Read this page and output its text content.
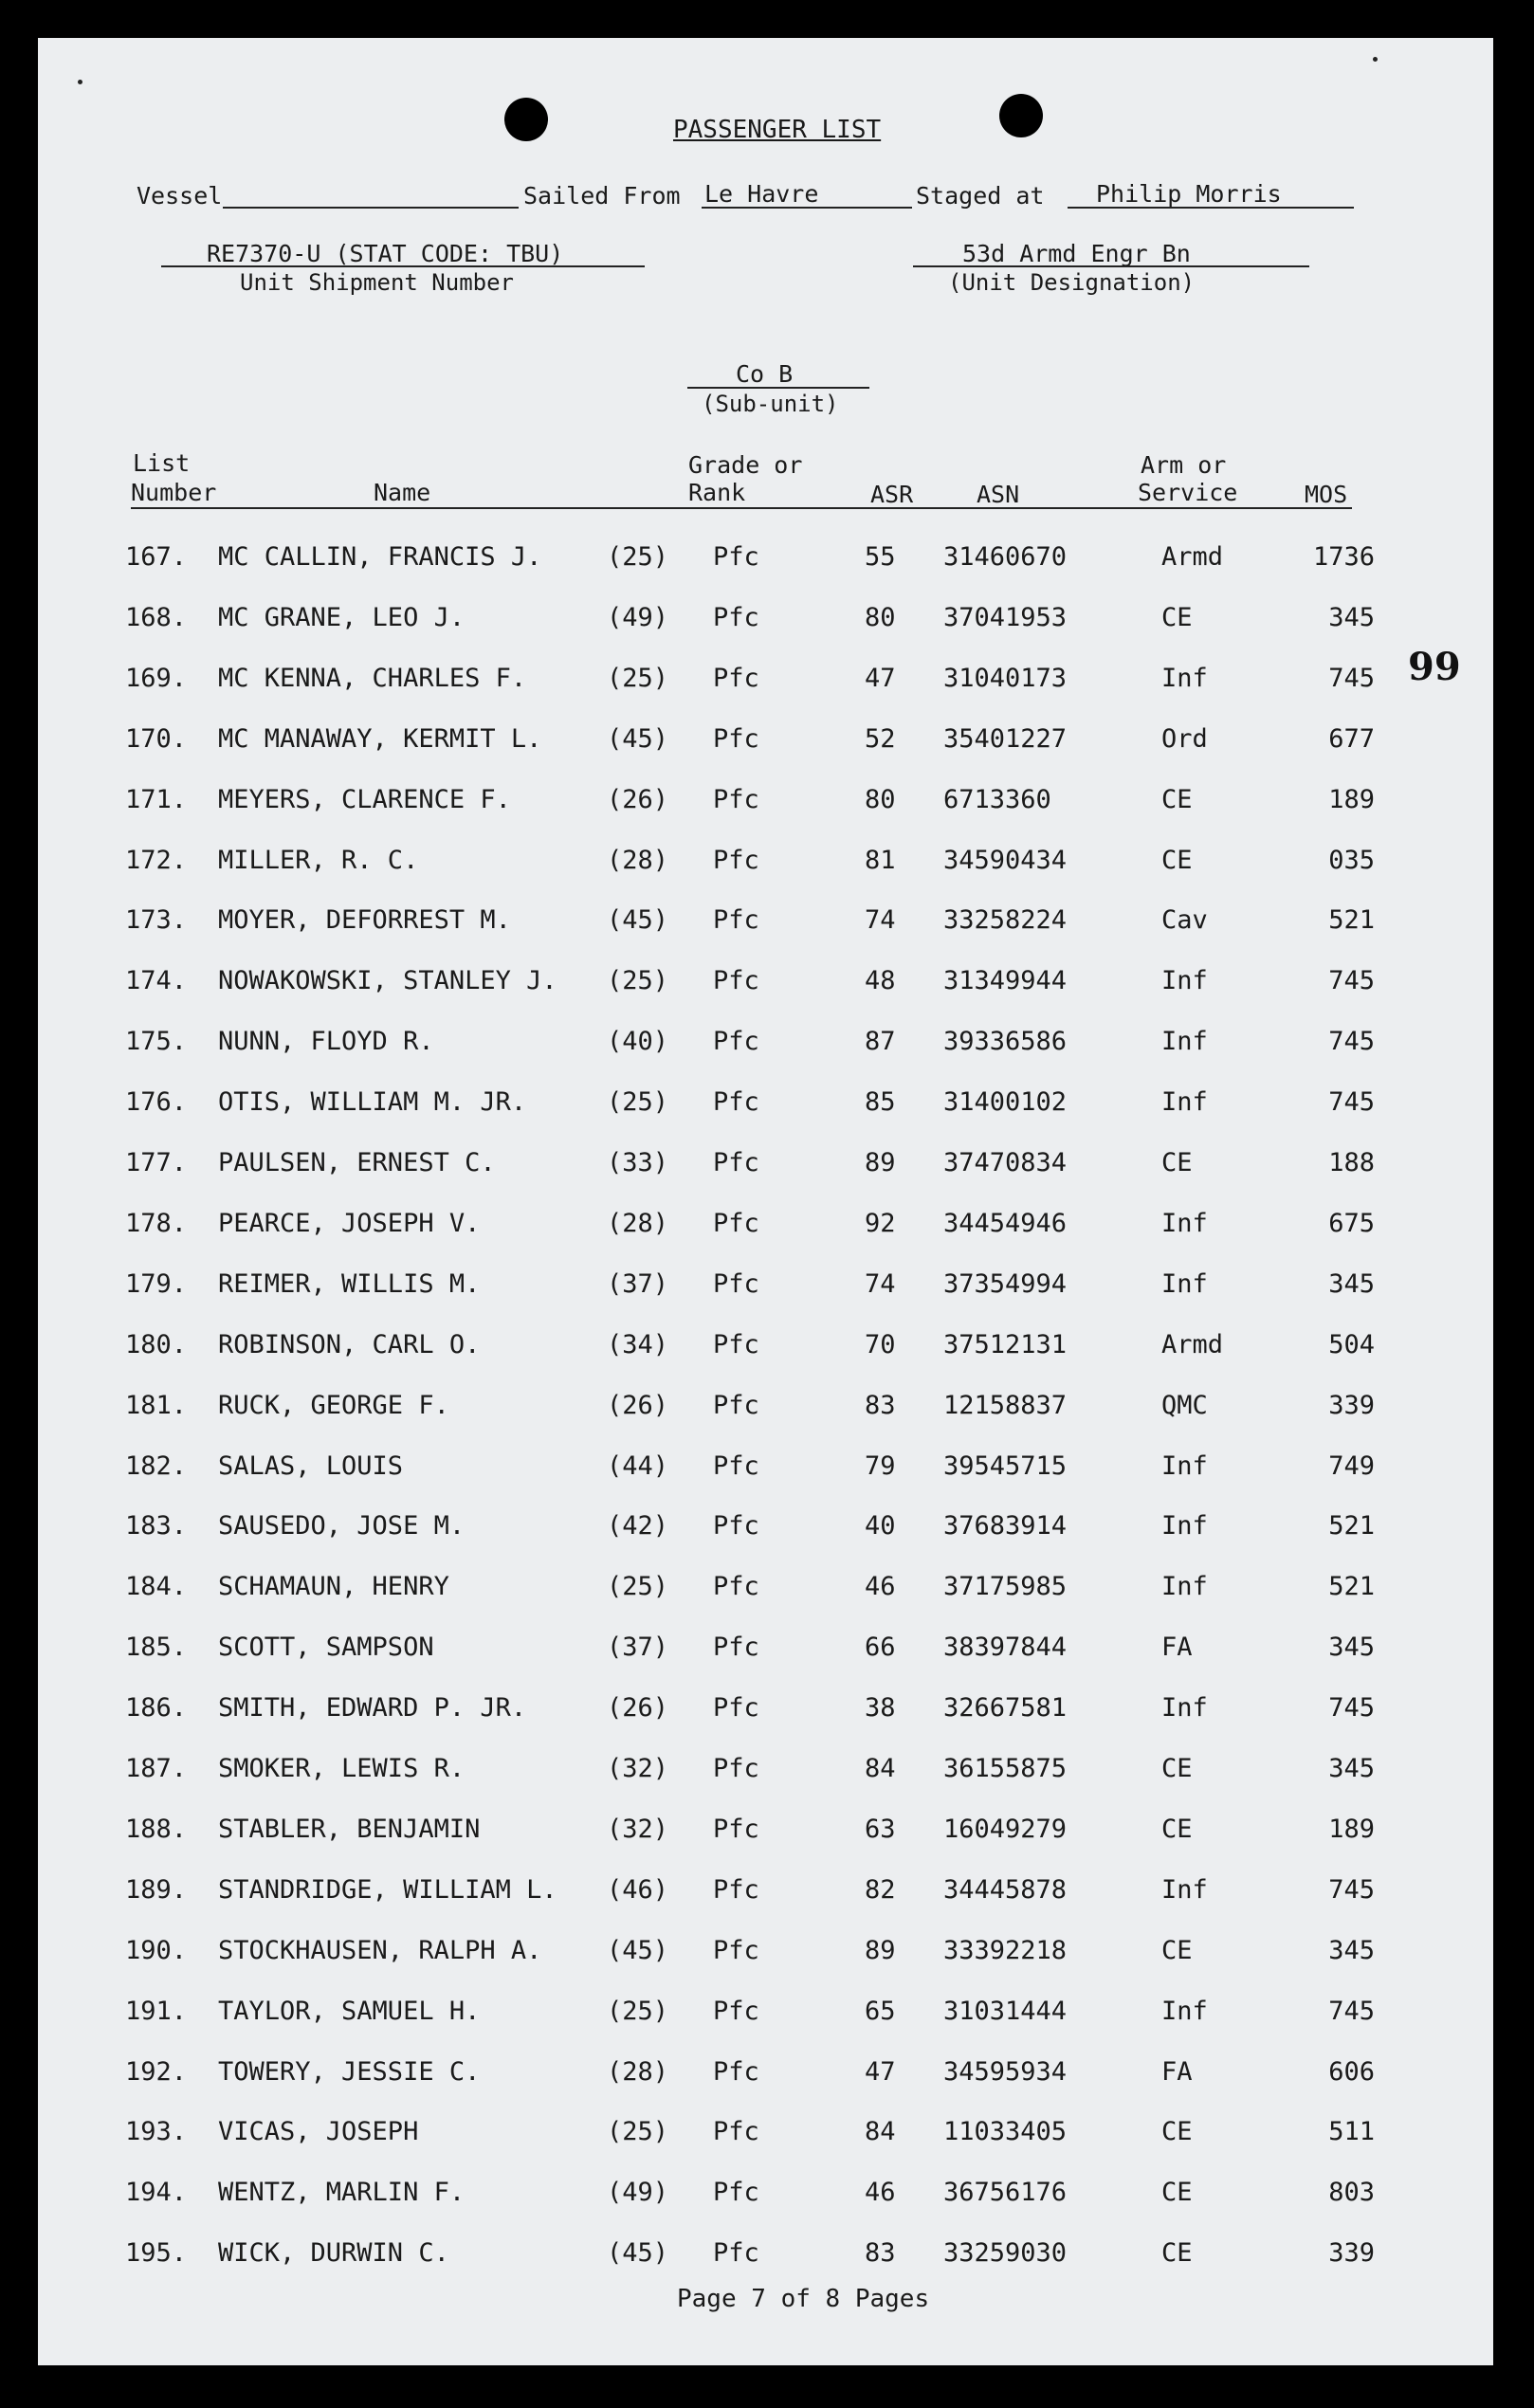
PASSENGER LIST
Vessel	Sailed From Le Havre	Staged at Philip Morris
RE7370-U (STAT CODE: TBU)
Unit Shipment Number
53d Armd Engr Bn
(Unit Designation)
Co B
(Sub-unit)
99
List
Number	Name
Grade or
Rank	ASR	ASN
Arm or
Service	MOS
167. MC CALLIN, FRANCIS J.	(25) Pfc	55 31460670	Armd	1736
168. MC GRANE, LEO J.	(49) Pfc	80 37041953	CE	345
169. MC KENNA, CHARLES F.	(25) Pfc	47 31040173	Inf	745
170. MC MANAWAY, KERMIT L.	(45) Pfc	52 35401227	Ord	677
171. MEYERS, CLARENCE F.	(26) Pfc	80 6713360	CE	189
172. MILLER, R. C.	(28) Pfc	81 34590434	CE	035
173. MOYER, DEFORREST M.	(45) Pfc	74 33258224	Cav	521
174. NOWAKOWSKI, STANLEY J. (25) Pfc	48 31349944	Inf	745
175. NUNN, FLOYD R.	(40) Pfc	87 39336586	Inf	745
176. OTIS, WILLIAM M. JR.	(25) Pfc	85 31400102	Inf	745
177. PAULSEN, ERNEST C.	(33) Pfc	89 37470834	CE	188
178. PEARCE, JOSEPH V.	(28) Pfc	92 34454946	Inf	675
179. REIMER, WILLIS M.	(37) Pfc	74 37354994	Inf	345
180. ROBINSON, CARL O.	(34) Pfc	70 37512131	Armd	504
181. RUCK, GEORGE F.	(26) Pfc	83 12158837	QMC	339
182. SALAS, LOUIS	(44) Pfc	79 39545715	Inf	749
183. SAUSEDO, JOSE M.	(42) Pfc	40 37683914	Inf	521
184. SCHAMAUN, HENRY	(25) Pfc	46 37175985	Inf	521
185. SCOTT, SAMPSON	(37) Pfc	66 38397844	FA	345
186. SMITH, EDWARD P. JR.	(26) Pfc	38 32667581	Inf	745
187. SMOKER, LEWIS R.	(32) Pfc	84 36155875	CE	345
188. STABLER, BENJAMIN	(32) Pfc	63 16049279	CE	189
189. STANDRIDGE, WILLIAM L. (46) Pfc	82 34445878	Inf	745
190. STOCKHAUSEN, RALPH A.	(45) Pfc	89 33392218	CE	345
191. TAYLOR, SAMUEL H.	(25) Pfc	65 31031444	Inf	745
192. TOWERY, JESSIE C.	(28) Pfc	47 34595934	FA	606
193. VICAS, JOSEPH	(25) Pfc	84 11033405	CE	511
194. WENTZ, MARLIN F.	(49) Pfc	46 36756176	CE	803
195. WICK, DURWIN C.	(45) Pfc	83 33259030	CE	339
Page 7 of 8 Pages
